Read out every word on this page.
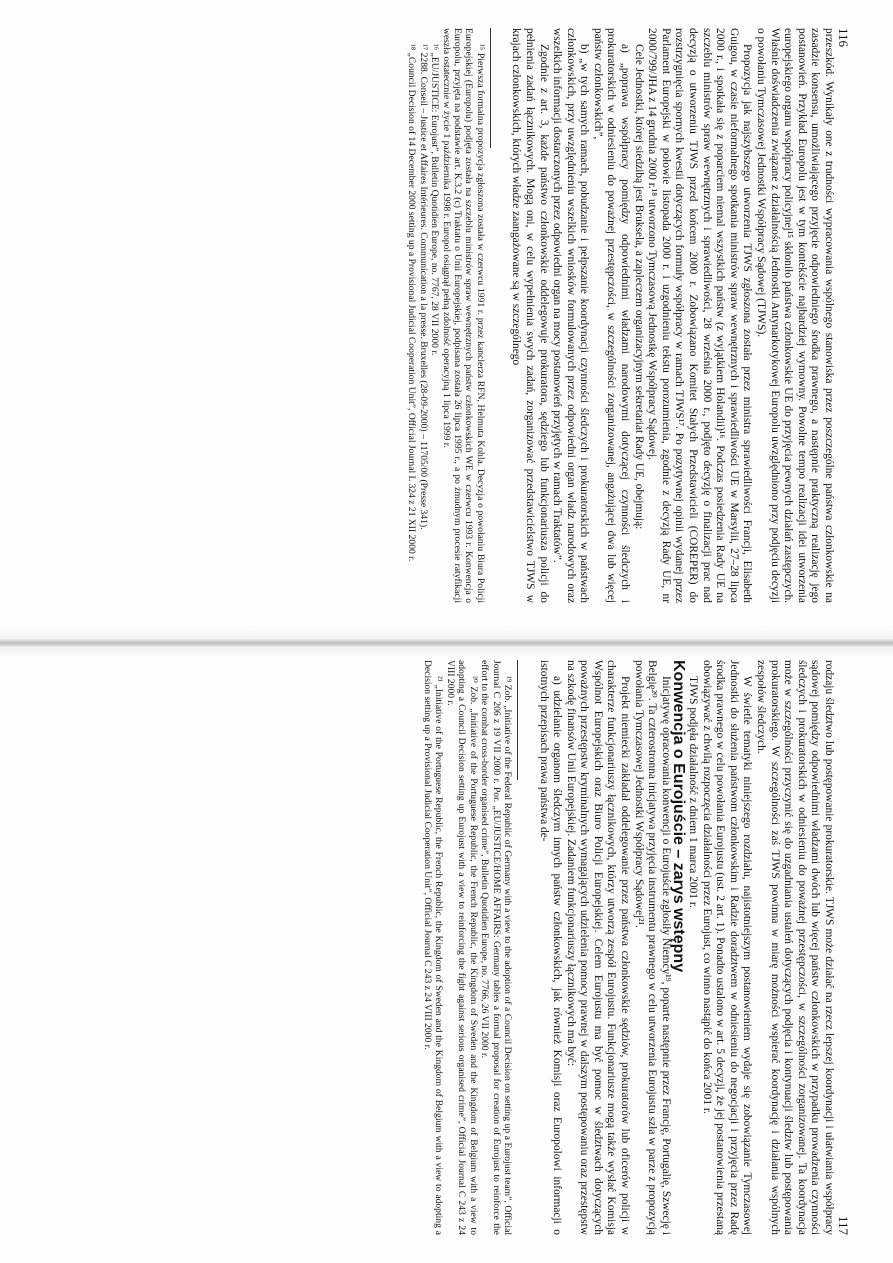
116

przeszkód. Wynikały one z trudności wypracowania wspólnego stanowiska przez poszczególne państwa członkowskie na zasadzie konsensu, umożliwiającego przyjęcie odpowiedniego środka prawnego, a następnie praktyczną realizację jego postanowień. Przykład Europolu jest w tym kontekście najbardziej wymowny. Powolne tempo realizacji idei utworzenia europejskiego organu współpracy policyjnej¹⁵ skłoniło państwa członkowskie UE do przyjęcia pewnych działań zastępczych. Właśnie doświadczenia związane z działalnością Jednostki Antynarkotykowej Europolu uwzględniono przy podjęciu decyzji o powołaniu Tymczasowej Jednostki Współpracy Sądowej (TJWS).

Propozycja jak najszybszego utworzenia TJWS zgłoszona została przez ministra sprawiedliwości Francji, Elisabeth Guigou, w czasie nieformalnego spotkania ministrów spraw wewnętrznych i sprawiedliwości UE w Marsylii, 27–28 lipca 2000 r., i spotkała się z poparciem niemal wszystkich państw (z wyjątkiem Holandii)¹⁶. Podczas posiedzenia Rady UE na szczeblu ministrów spraw wewnętrznych i sprawiedliwości, 28 września 2000 r., podjęto decyzję o finalizacji prac nad decyzją o utworzeniu TJWS przed końcem 2000 r. Zobowiązano Komitet Stałych Przedstawicieli (COREPER) do rozstrzygnięcia spornych kwestii dotyczących formuły współpracy w ramach TJWS¹⁷. Po pozytywnej opinii wydanej przez Parlament Europejski w połowie listopada 2000 r. i uzgodnieniu tekstu porozumienia, zgodnie z decyzją Rady UE, nr 2000/799/JHA z 14 grudnia 2000 r.¹⁸ utworzono Tymczasową Jednostkę Współpracy Sądowej.

Cele Jednostki, której siedzibą jest Bruksela, a zapleczem organizacyjnym sekretariat Rady UE, obejmują:

a) „poprawa współpracy pomiędzy odpowiednimi władzami narodowymi dotyczącej czynności śledczych i prokuratorskich w odniesieniu do poważnej przestępczości, w szczególności zorganizowanej, angażującej dwa lub więcej państw członkowskich”,

b) „w tych samych ramach, pobudzanie i pełpszanie koordynacji czynności śledczych i prokuratorskich w państwach członkowskich, przy uwzględnieniu wszelkich wniosków formułowanych przez odpowiedni organ władz narodowych oraz wszelkich informacji dostarczonych przez odpowiedni organ na mocy postanowień przyjętych w ramach Traktatów”.

Zgodnie z art. 3, każde państwo członkowskie oddelegowuje prokuratora, sędziego lub funkcjonariusza policji do pełnienia zadań łącznikowych. Mogą oni, w celu wypełnienia swych zadań, zorganizować przedstawicielstwo TJWS w krajach członkowskich, których władze zaangażowane są w szczególnego

¹⁵ Pierwsza formalna propozycja zgłoszona została w czerwcu 1991 r. przez kanclerza RFN, Helmuta Kohla. Decyzja o powołaniu Biura Policji Europejskiej (Europolu) podjęta została na szczeblu ministrów spraw wewnętrznych państw członkowskich WE w czerwcu 1993 r. Konwencja o Europolu, przyjęta na podstawie art. K.3.2 (c) Traktatu o Unii Europejskiej, podpisana została 26 lipca 1995 r., a po żmudnym procesie ratyfikacji weszła ostatecznie w życie 1 października 1998 r. Europol osiągnął pełną zdolność operacyjną 1 lipca 1999 r.

¹⁶ „EU/JUSTICE: Eurojust”, Bulletin Quotidien Europe, no. 7767, 28 VII 2000 r.

¹⁷ 2288. Conseil – Justice et Affaires Intérieures. Communication a la presse. Bruxelles (28-09-2000) – 11705/00 (Presse 341).

¹⁸ „Council Decision of 14 December 2000 setting up a Provisional Judicial Cooperation Unit”, Official Journal L 324 z 21 XII 2000 r.

117

rodzaju śledztwo lub postępowanie prokuratorskie. TJWS może działać na rzecz lepszej koordynacji i ułatwiania współpracy sądowej pomiędzy odpowiednimi władzami dwóch lub więcej państw członkowskich w przypadku prowadzenia czynności śledczych i prokuratorskich w odniesieniu do poważnej przestępczości, w szczególności zorganizowanej. Ta koordynacja może w szczególności przyczynić się do uzgadniania ustaleń dotyczących podjęcia i kontynuacji śledztw lub postępowania prokuratorskiego. W szczególności zaś TJWS powinna w miarę możności wspierać koordynację i działania wspólnych zespołów śledczych.

W świetle tematyki niniejszego rozdziału, najistotniejszym postanowieniem wydaje się zobowiązanie Tymczasowej Jednostki do służenia państwom członkowskim i Radzie doradztwem w odniesieniu do negocjacji i przyjęcia przez Radę środka prawnego w celu powołania Eurojustu (ust. 2 art. 1). Ponadto ustalono w art. 5 decyzji, że jej postanowienia przestaną obowiązywać z chwilą rozpoczęcia działalności przez Eurojust, co winno nastąpić do końca 2001 r.

TJWS podjęła działalność z dniem 1 marca 2001 r.

Konwencja o Eurojuście – zarys wstępny

Inicjatywę opracowania konwencji o Eurojuście zgłosiły Niemcy¹⁹, poparte następnie przez Francję, Portugalię, Szwecję i Belgię²⁰. Ta czterostronna inicjatywa przyjęcia instrumentu prawnego w celu utworzenia Eurojustu szła w parze z propozycją powołania Tymczasowej Jednostki Współpracy Sądowej²¹.

Projekt niemiecki zakładał oddelegowanie przez państwa członkowskie sędziów, prokuratorów lub oficerów policji w charakterze funkcjonariuszy łącznikowych, którzy utworzą zespół Eurojustu. Funkcjonariusze mogą także wysłać Komisja Wspólnot Europejskich oraz Biuro Policji Europejskiej. Celem Eurojustu ma być pomoc w śledztwach dotyczących poważnych przestępstw kryminalnych wymagających udzielenia pomocy prawnej w dalszym postępowaniu oraz przestępstw na szkodę finansów Unii Europejskiej. Zadaniem funkcjonariuszy łącznikowych ma być:

a) udzielanie organom śledczym innych państw członkowskich, jak również Komisji oraz Europolowi informacji o istotnych przepisach prawa państwa de-

¹⁹ Zob. „Initiative of the Federal Republic of Germany with a view to the adoption of a Council Decision on setting up a Eurojust team”, Official Journal C 206 z 19 VII 2000 r. Por. „EU/JUSTICE/HOME AFFAIRS: Germany tables a formal proposal for creation of Eurojust to reinforce the effort to the combat cross-border organised crime”, Bulletin Quotidien Europe, no. 7766, 26 VII 2000 r.

²⁰ Zob. „Initiative of the Portuguese Republic, the French Republic, the Kingdom of Sweden and the Kingdom of Belgium with a view to adopting a Council Decision setting up Eurojust with a view to reinforcing the fight against serious organised crime”, Official Journal C 243 z 24 VIII 2000 r.

²¹ „Initiative of the Portuguese Republic, the French Republic, the Kingdom of Sweden and the Kingdom of Belgium with a view to adopting a Decision setting up a Provisional Judicial Cooperation Unit”, Official Journal C 243 z 24 VIII 2000 r.
